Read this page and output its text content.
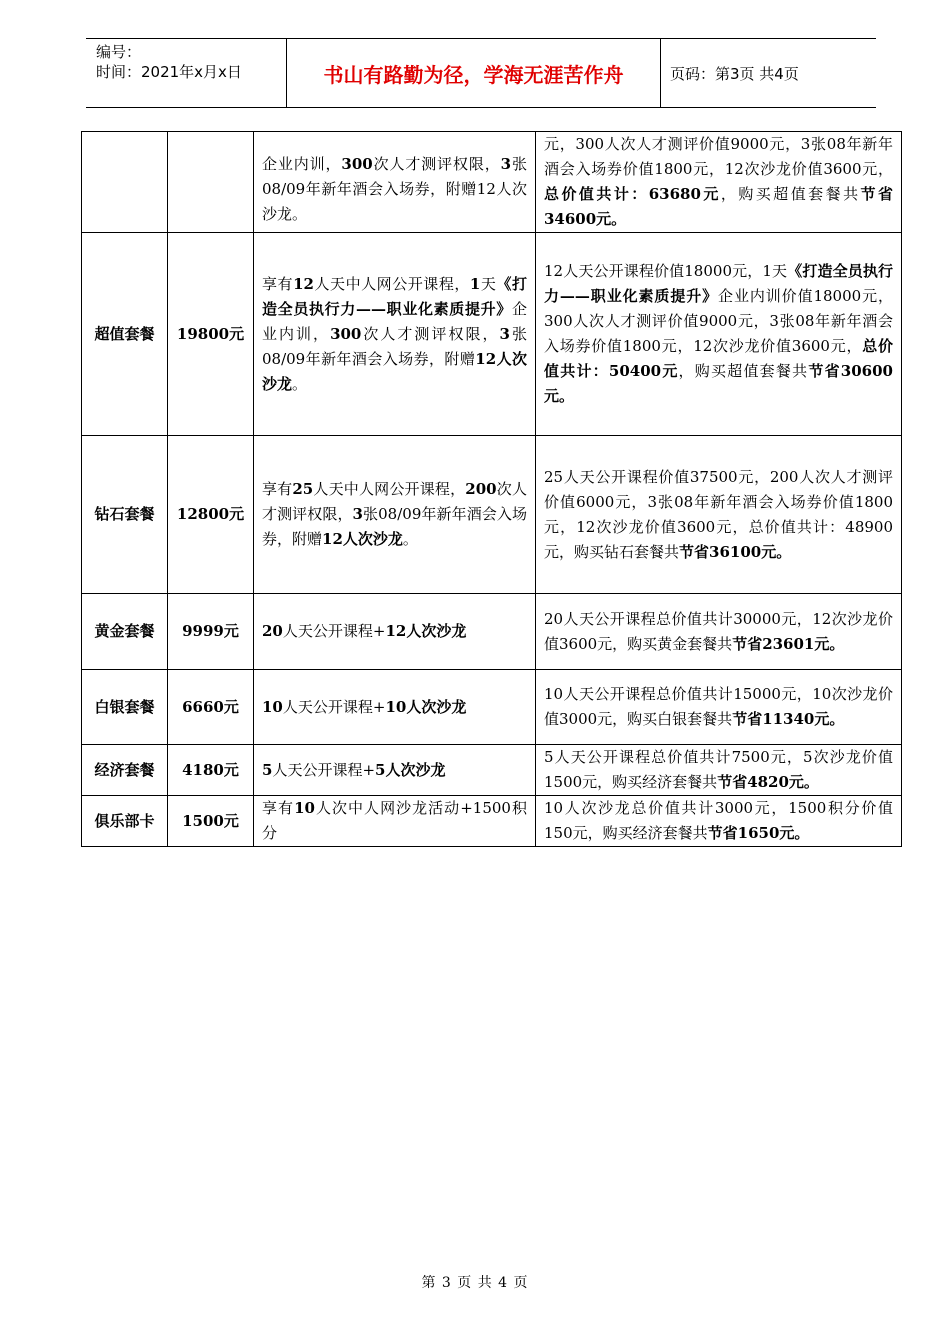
编号：
时间：2021年x月x日	书山有路勤为径，学海无涯苦作舟	页码：第3页 共4页
		企业内训，300次人才测评权限，3张08/09年新年酒会入场券，附赠12人次沙龙。	元，300人次人才测评价值9000元，3张08年新年酒会入场券价值1800元，12次沙龙价值3600元，总价值共计：63680元，购买超值套餐共节省34600元。
超值套餐	19800元	享有12人天中人网公开课程，1天《打造全员执行力——职业化素质提升》企业内训，300次人才测评权限，3张08/09年新年酒会入场券，附赠12人次沙龙。	12人天公开课程价值18000元，1天《打造全员执行力——职业化素质提升》企业内训价值18000元，300人次人才测评价值9000元，3张08年新年酒会入场券价值1800元，12次沙龙价值3600元，总价值共计：50400元，购买超值套餐共节省30600元。
钻石套餐	12800元	享有25人天中人网公开课程，200次人才测评权限，3张08/09年新年酒会入场券，附赠12人次沙龙。	25人天公开课程价值37500元，200人次人才测评价值6000元，3张08年新年酒会入场券价值1800元，12次沙龙价值3600元，总价值共计：48900元，购买钻石套餐共节省36100元。
黄金套餐	9999元	20人天公开课程+12人次沙龙	20人天公开课程总价值共计30000元，12次沙龙价值3600元，购买黄金套餐共节省23601元。
白银套餐	6660元	10人天公开课程+10人次沙龙	10人天公开课程总价值共计15000元，10次沙龙价值3000元，购买白银套餐共节省11340元。
经济套餐	4180元	5人天公开课程+5人次沙龙	5人天公开课程总价值共计7500元，5次沙龙价值1500元，购买经济套餐共节省4820元。
俱乐部卡	1500元	享有10人次中人网沙龙活动+1500积分	10人次沙龙总价值共计3000元，1500积分价值150元，购买经济套餐共节省1650元。
第 3 页 共 4 页
